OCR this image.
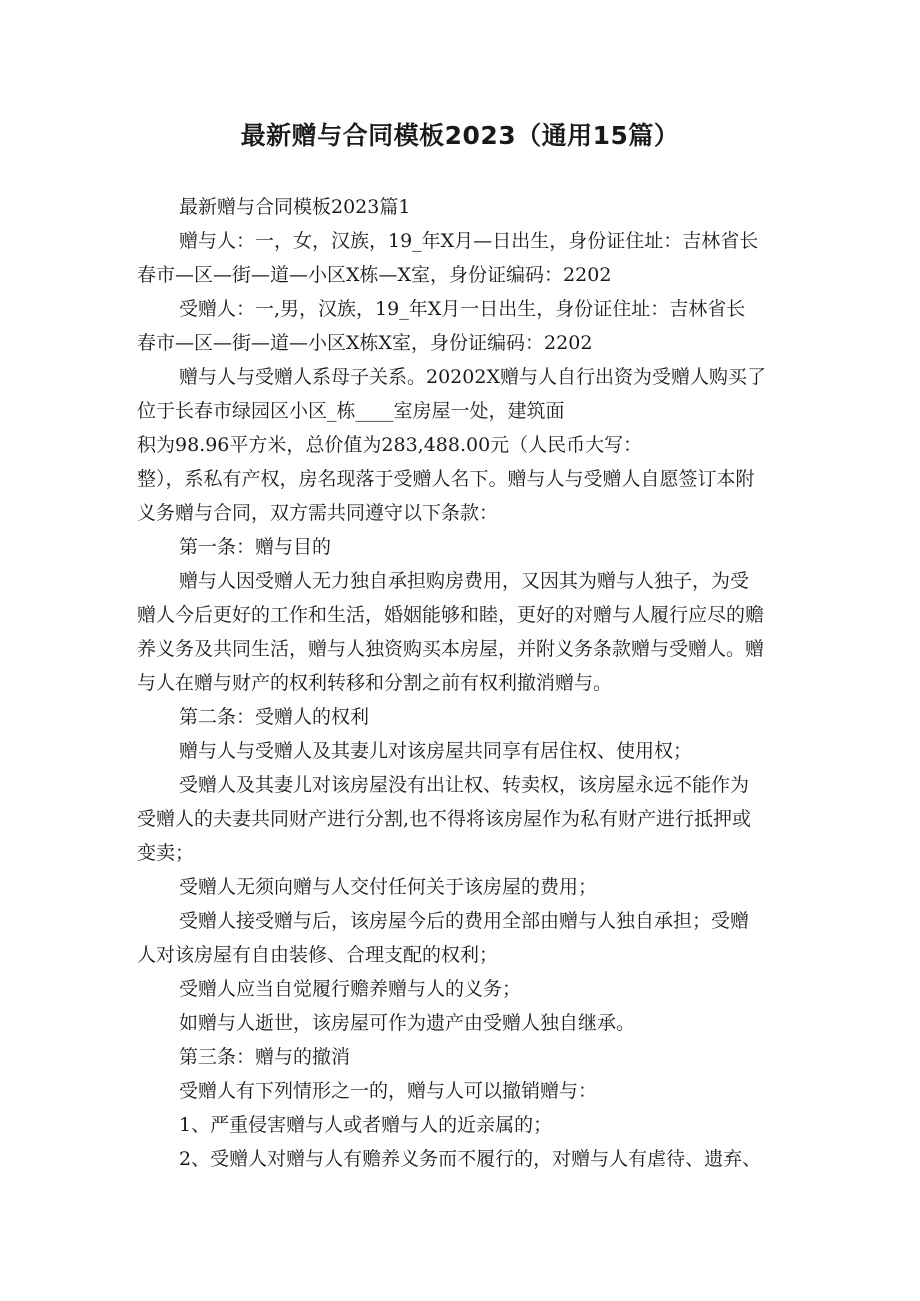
最新赠与合同模板2023（通用15篇）

最新赠与合同模板2023篇1

赠与人：一，女，汉族，19_年X月—日出生，身份证住址：吉林省长

春市—区—街—道—小区X栋—X室，身份证编码：2202

受赠人：一,男，汉族，19_年X月一日出生，身份证住址：吉林省长

春市—区—街—道—小区X栋X室，身份证编码：2202

赠与人与受赠人系母子关系。20202X赠与人自行出资为受赠人购买了

位于长春市绿园区小区_栋____室房屋一处，建筑面

积为98.96平方米，总价值为283,488.00元（人民币大写：

整），系私有产权，房名现落于受赠人名下。赠与人与受赠人自愿签订本附

义务赠与合同，双方需共同遵守以下条款：

第一条：赠与目的

赠与人因受赠人无力独自承担购房费用，又因其为赠与人独子，为受

赠人今后更好的工作和生活，婚姻能够和睦，更好的对赠与人履行应尽的赡

养义务及共同生活，赠与人独资购买本房屋，并附义务条款赠与受赠人。赠

与人在赠与财产的权利转移和分割之前有权利撤消赠与。

第二条：受赠人的权利

赠与人与受赠人及其妻儿对该房屋共同享有居住权、使用权；

受赠人及其妻儿对该房屋没有出让权、转卖权，该房屋永远不能作为

受赠人的夫妻共同财产进行分割,也不得将该房屋作为私有财产进行抵押或

变卖；

受赠人无须向赠与人交付任何关于该房屋的费用；

受赠人接受赠与后，该房屋今后的费用全部由赠与人独自承担；受赠

人对该房屋有自由装修、合理支配的权利；

受赠人应当自觉履行赡养赠与人的义务；

如赠与人逝世，该房屋可作为遗产由受赠人独自继承。

第三条：赠与的撤消

受赠人有下列情形之一的，赠与人可以撤销赠与：

1、严重侵害赠与人或者赠与人的近亲属的；

2、受赠人对赠与人有赡养义务而不履行的，对赠与人有虐待、遗弃、
